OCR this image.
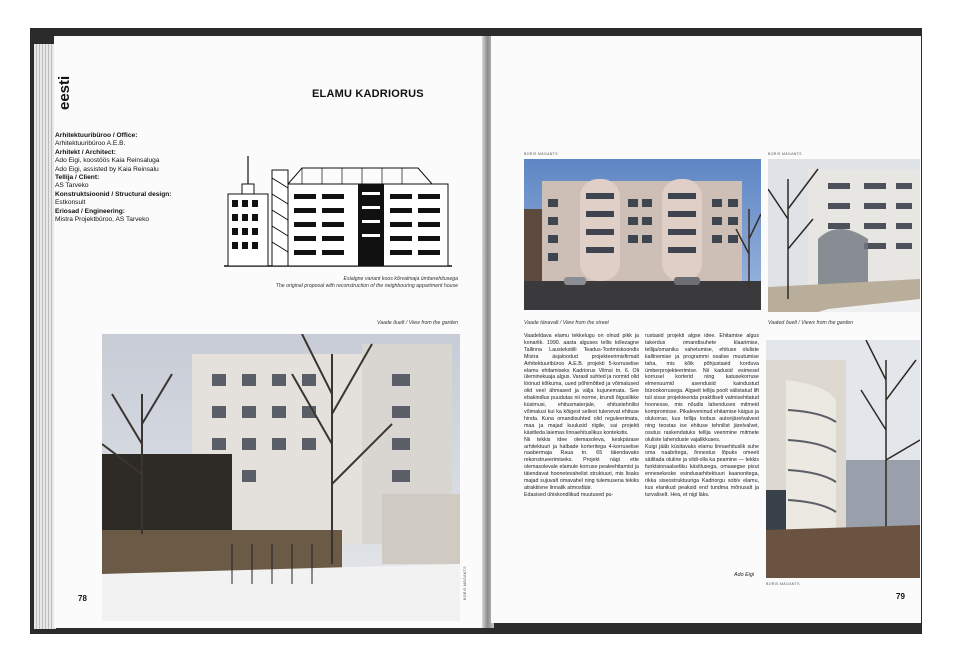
eesti	ELAMU KADRIORUS
Arhitektuuribüroo / Office:
Arhitektuuribüroo A.E.B.
Arhitekt / Architect:
Ado Eigi, koostöös Kaia Reinsaluga
Ado Eigi, assisted by Kaia Reinsalu
Tellija / Client:
AS Tarveko
Konstruktsioonid / Structural design:
Estkonsult
Eriosad / Engineering:
Mistra Projektbüroo, AS Tarveko
Esialgne variant koos kõrvalmaja ümberehitusega
The original proposal with reconstruction of the neighbouring appartment house
Vaade õuelt / View from the garden
BORIS MÄGANTS
78
BORIS MÄGANTS	BORIS MÄGANTS
Vaade tänavalt / View from the street	Vaated õuelt / Views from the garden
Vaadeldava elamu tekkelugu on olnud pikk ja konarlik. 1990. aasta alguses tellis tollezagne Tallinna Laustekstiili Teadus-Tootmiskoondis Mistra äsjaloodud projekteerimisfirmalt Arhitektuuribüroo A.E.B. projekti 5-korruselise elamu ehitamiseks Kadriorus Vilmsi tn. 6. Oli üleminekuaja algus. Varasil suhted ja normid olid löönud kõikuma, uued põhimõtted ja võimalused olid veel ähmased ja välja kujunemata. See ebakindlus puudutas nii norme, krundi õiguslikke küsimusi, ehitusmaterjale, ehitustehnilisi võimalusi kui ka kõigest sellest tulenevat ehituse hinda. Kuna omandisuhted olid reguleerimata, maa ja majad kuulusid riigile, sai projekti käsitleda laiemas linnaehituslikus kontekstis.
Nii tekkis idee olemasoleva, keskpärase arhitektuuri ja halbade korteritega 4-korruselise naabermaja Raua tn. 65 täiendavaks rekonstrueerimiseks. Projekt nägi ette olemasolevale elamule korruse pealeehitamist ja täiendavat hoonetevahelist struktuuri, mis lisaks majad sujuvalt omavahel ning tulemusena tekiks atraktiivne linnalik atmosfäär.
Edasised ühiskondlikud muutused pu-
rustasid projekti algse idee. Ehitamise algus takerdus omandisuhete klaarimise, tellija/omaniku vahetumise, ehituse oluliste kallinemise ja programmi osalise muutumise taha, mis kõik põhjustasid korduva ümberprojekteerimise. Nii kadusid esimesel korrusel korterid ning katusekorruse elmenuumid asendusid kaindustud bürookorrusega. Algselt tellija poolt välistatud lift tuli sisse projekteerida praktiliselt valmisehitatud hoonesse, mis nõudis lahenduses mitmeid kompromisse. Pikaleveninud ehitamise käigus ja olukorras, kus tellija loobus autorijärelvalvest ning teostas ise ehituse tehnilist järelvalvet, osutus raskendatuks tellija veenmine mitmete oluliste lahenduste vajalikkuses.
Kuigi jääb küsitavaks elamu linnaehituslik suhe oma naabritega, õnnestus lõpuks omeeti säilitada oluline ja vildi-olla ka peamine — tekkis funktsionaalsetiku käsitlusega, omaaegse pisut ennesekeske esindusarhitektuuri kaanonitega, rikka siseostruktuuriga Kadriorgu sobiv elamu, kus elanikud peaksid end tundma mõnusalt ja turvaliselt. Hea, et nigi läks.
Ado Eigi
BORIS MÄGANTS
79
